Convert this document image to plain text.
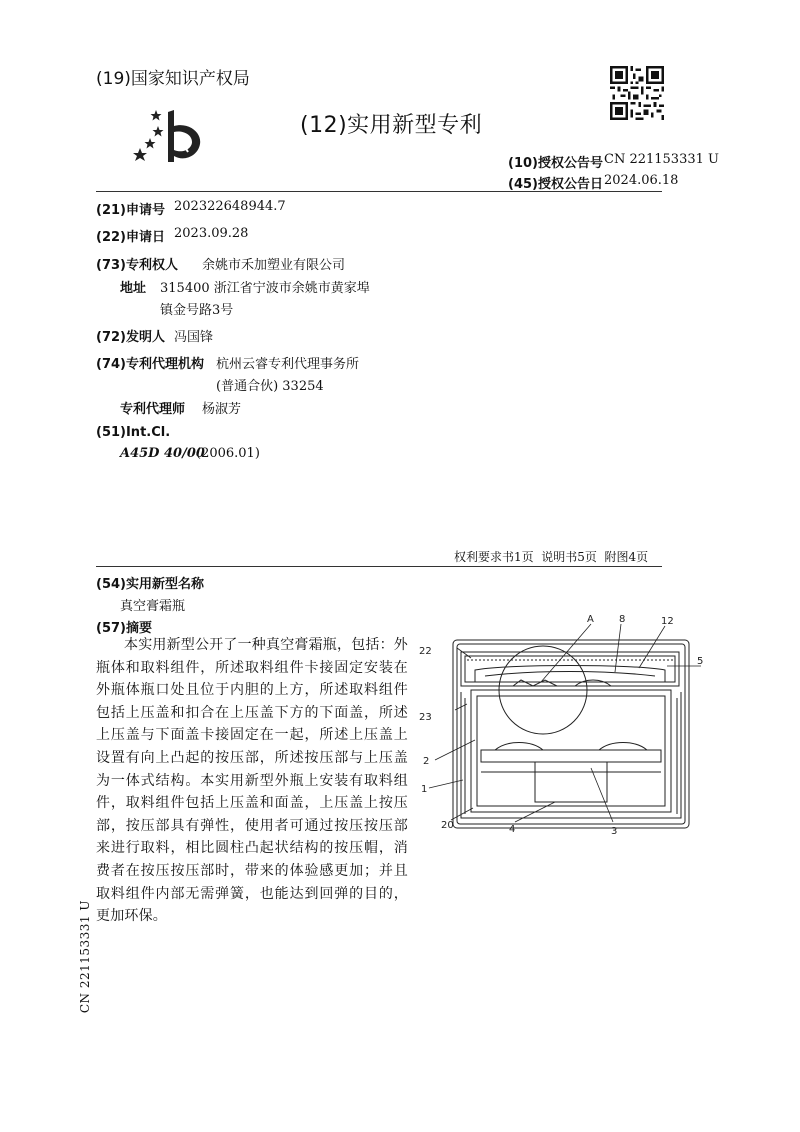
(19)国家知识产权局
(12)实用新型专利
(10)授权公告号 CN 221153331 U
(45)授权公告日 2024.06.18
(21)申请号 202322648944.7
(22)申请日 2023.09.28
(73)专利权人 余姚市禾加塑业有限公司
地址 315400 浙江省宁波市余姚市黄家埠
镇金号路3号
(72)发明人 冯国锋
(74)专利代理机构 杭州云睿专利代理事务所
(普通合伙) 33254
专利代理师 杨淑芳
(51)Int.Cl.
A45D 40/00
(2006.01)
权利要求书1页  说明书5页  附图4页
(54)实用新型名称
真空膏霜瓶
(57)摘要
本实用新型公开了一种真空膏霜瓶，包括：外瓶体和取料组件，所述取料组件卡接固定安装在外瓶体瓶口处且位于内胆的上方，所述取料组件包括上压盖和扣合在上压盖下方的下面盖，所述上压盖与下面盖卡接固定在一起，所述上压盖上设置有向上凸起的按压部，所述按压部与上压盖为一体式结构。本实用新型外瓶上安装有取料组件，取料组件包括上压盖和面盖，上压盖上按压部，按压部具有弹性，使用者可通过按压按压部来进行取料，相比圆柱凸起状结构的按压帽，消费者在按压按压部时，带来的体验感更加；并且取料组件内部无需弹簧，也能达到回弹的目的，更加环保。
CN 221153331 U
A	8	12
22
5
23
2
1
20	4	3
